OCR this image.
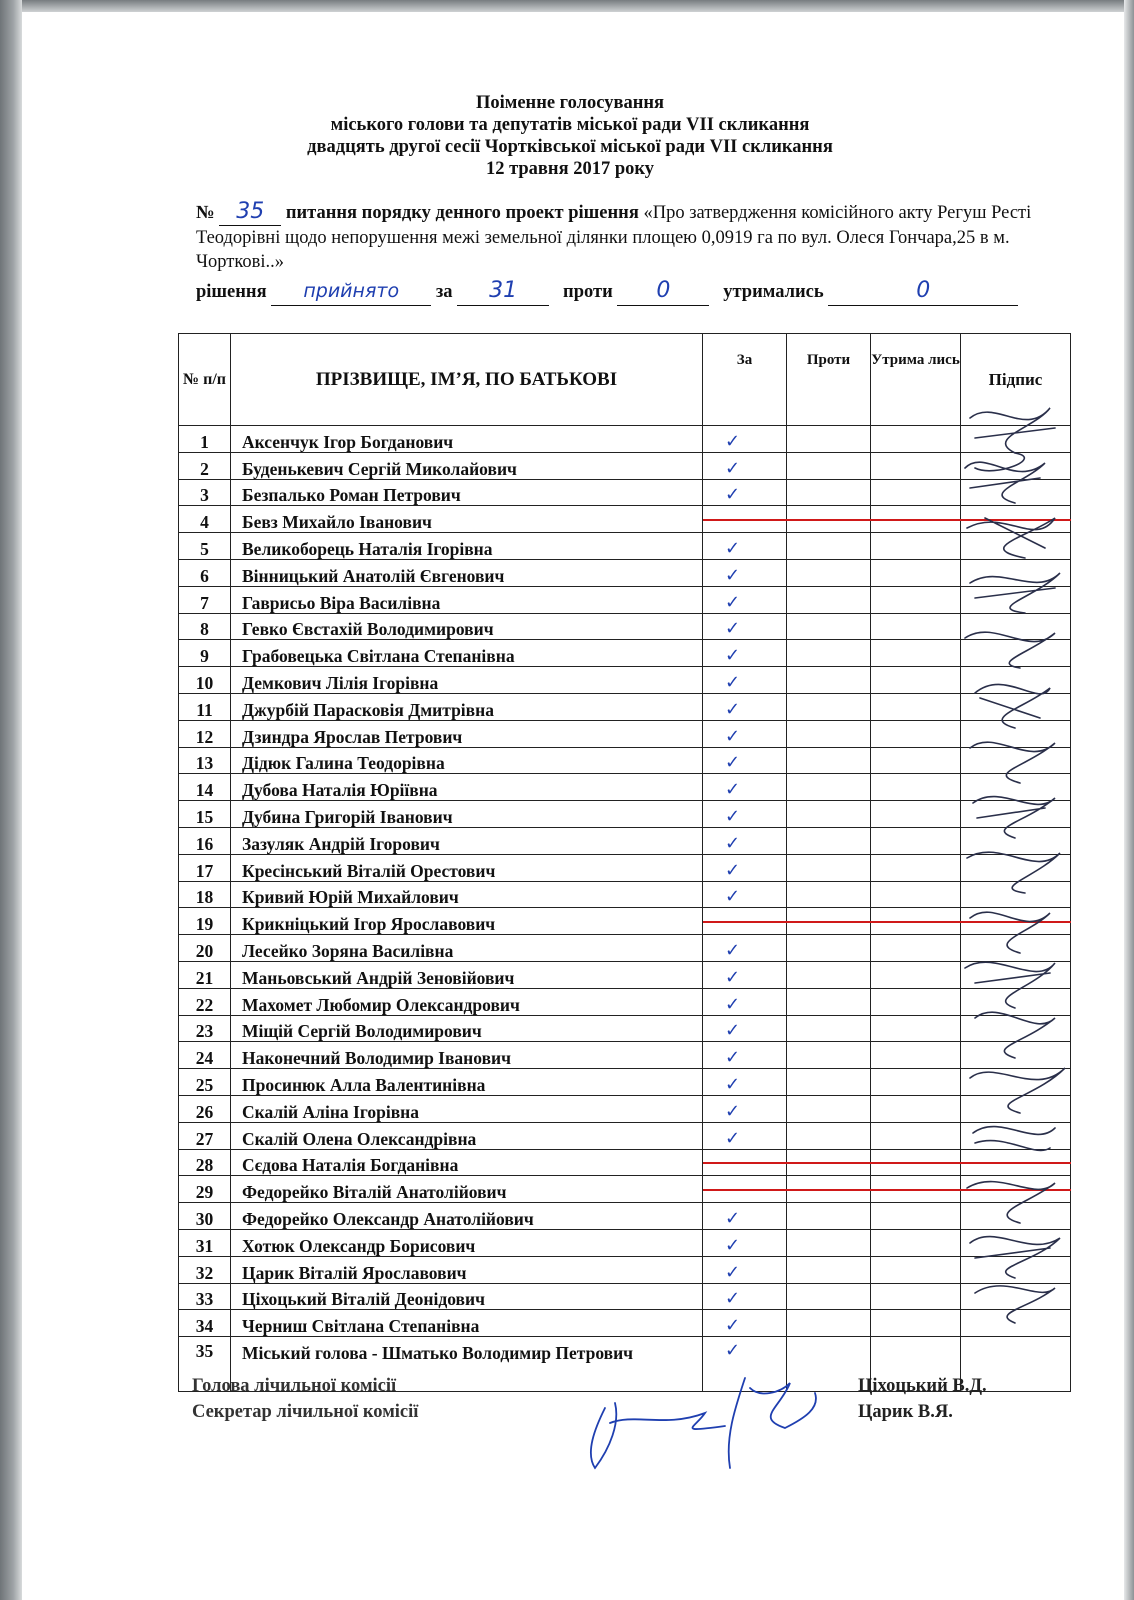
Поіменне голосування
міського голови та депутатів міської ради VII скликання
двадцять другої сесії Чортківської міської ради VII скликання
12 травня 2017 року
№ 35 питання порядку денного проект рішення «Про затвердження комісійного акту Регуш Ресті Теодорівні щодо непорушення межі земельної ділянки площею 0,0919 га по вул. Олеся Гончара,25 в м. Чорткові..»
рішення прийнято за 31 проти 0	утримались	0
№ п/п	ПРІЗВИЩЕ, ІМ’Я, ПО БАТЬКОВІ	За	Проти	Утрима лись	Підпис
1	Аксенчук Ігор Богданович	✓			
2	Буденькевич Сергій Миколайович	✓			
3	Безпалько Роман Петрович	✓			
4	Бевз Михайло Іванович	

5	Великоборець Наталія Ігорівна	✓			
6	Вінницький Анатолій Євгенович	✓			
7	Гаврисьо Віра Василівна	✓			
8	Гевко Євстахій Володимирович	✓			
9	Грабовецька Світлана Степанівна	✓			
10	Демкович Лілія Ігорівна	✓			
11	Джурбій Парасковія Дмитрівна	✓			
12	Дзиндра Ярослав Петрович	✓			
13	Дідюк Галина Теодорівна	✓			
14	Дубова Наталія Юріївна	✓			
15	Дубина Григорій Іванович	✓			
16	Зазуляк Андрій Ігорович	✓			
17	Кресінський Віталій Орестович	✓			
18	Кривий Юрій Михайлович	✓			
19	Крикніцький Ігор Ярославович	

20	Лесейко Зоряна Василівна	✓			
21	Маньовський Андрій Зеновійович	✓			
22	Махомет Любомир Олександрович	✓			
23	Міщій Сергій Володимирович	✓			
24	Наконечний Володимир Іванович	✓			
25	Просинюк Алла Валентинівна	✓			
26	Скалій Аліна Ігорівна	✓			
27	Скалій Олена Олександрівна	✓			
28	Сєдова Наталія Богданівна	

29	Федорейко Віталій Анатолійович	

30	Федорейко Олександр Анатолійович	✓			
31	Хотюк Олександр Борисович	✓			
32	Царик Віталій Ярославович	✓			
33	Ціхоцький Віталій Деонідович	✓			
34	Черниш Світлана Степанівна	✓			
35	Міський голова - Шматько Володимир Петрович	✓			
Голова лічильної комісії
Секретар лічильної комісії
Ціхоцький В.Д.
Царик В.Я.
